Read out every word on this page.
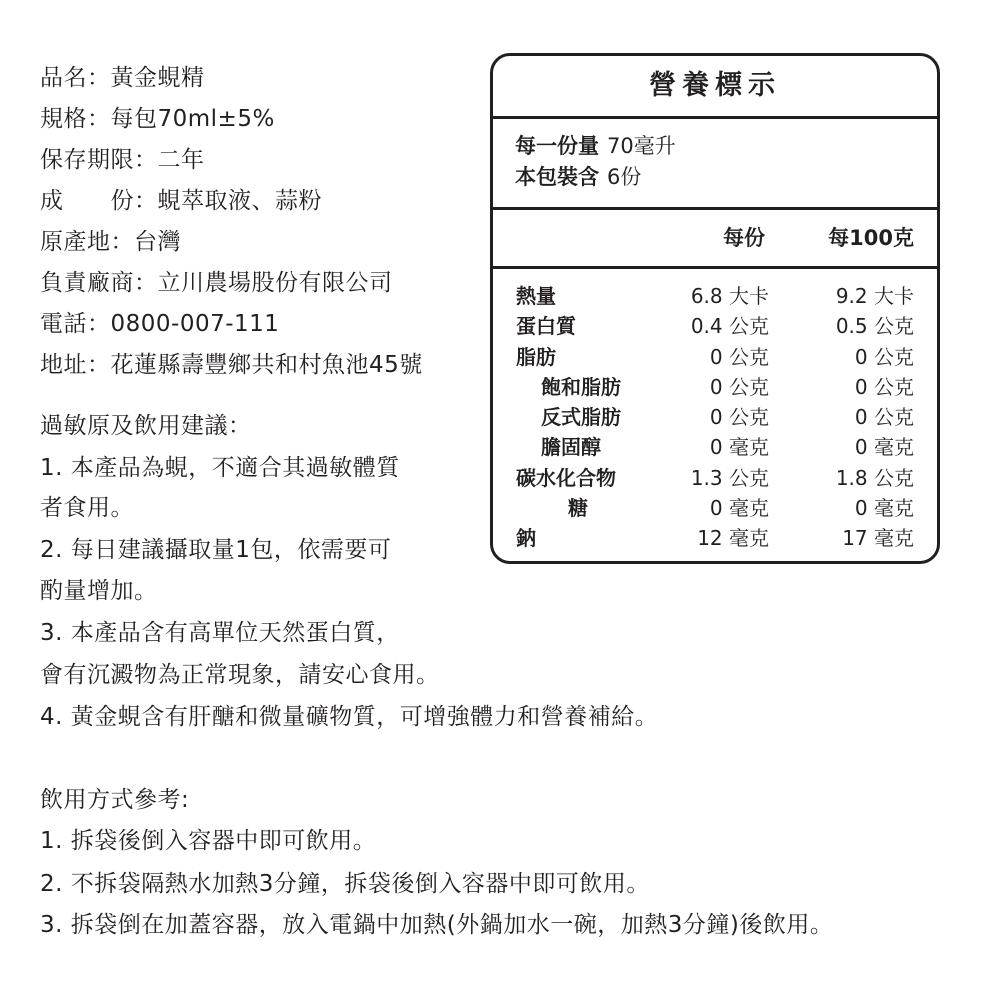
品名：黃金蜆精
規格：每包70ml±5%
保存期限：二年
成　　份：蜆萃取液、蒜粉
原產地：台灣
負責廠商：立川農場股份有限公司
電話：0800-007-111
地址：花蓮縣壽豐鄉共和村魚池45號
過敏原及飲用建議：
1. 本產品為蜆，不適合其過敏體質
者食用。
2. 每日建議攝取量1包，依需要可
酌量增加。
3. 本產品含有高單位天然蛋白質，
會有沉澱物為正常現象，請安心食用。
4. 黃金蜆含有肝醣和微量礦物質，可增強體力和營養補給。
飲用方式參考:
1. 拆袋後倒入容器中即可飲用。
2. 不拆袋隔熱水加熱3分鐘，拆袋後倒入容器中即可飲用。
3. 拆袋倒在加蓋容器，放入電鍋中加熱(外鍋加水一碗，加熱3分鐘)後飲用。
營養標示
每一份量 70毫升
本包裝含 6份
每份	每100克
熱量	6.8 大卡	9.2 大卡
蛋白質	0.4 公克	0.5 公克
脂肪	0 公克	0 公克
飽和脂肪	0 公克	0 公克
反式脂肪	0 公克	0 公克
膽固醇	0 毫克	0 毫克
碳水化合物	1.3 公克	1.8 公克
糖	0 毫克	0 毫克
鈉	12 毫克	17 毫克
